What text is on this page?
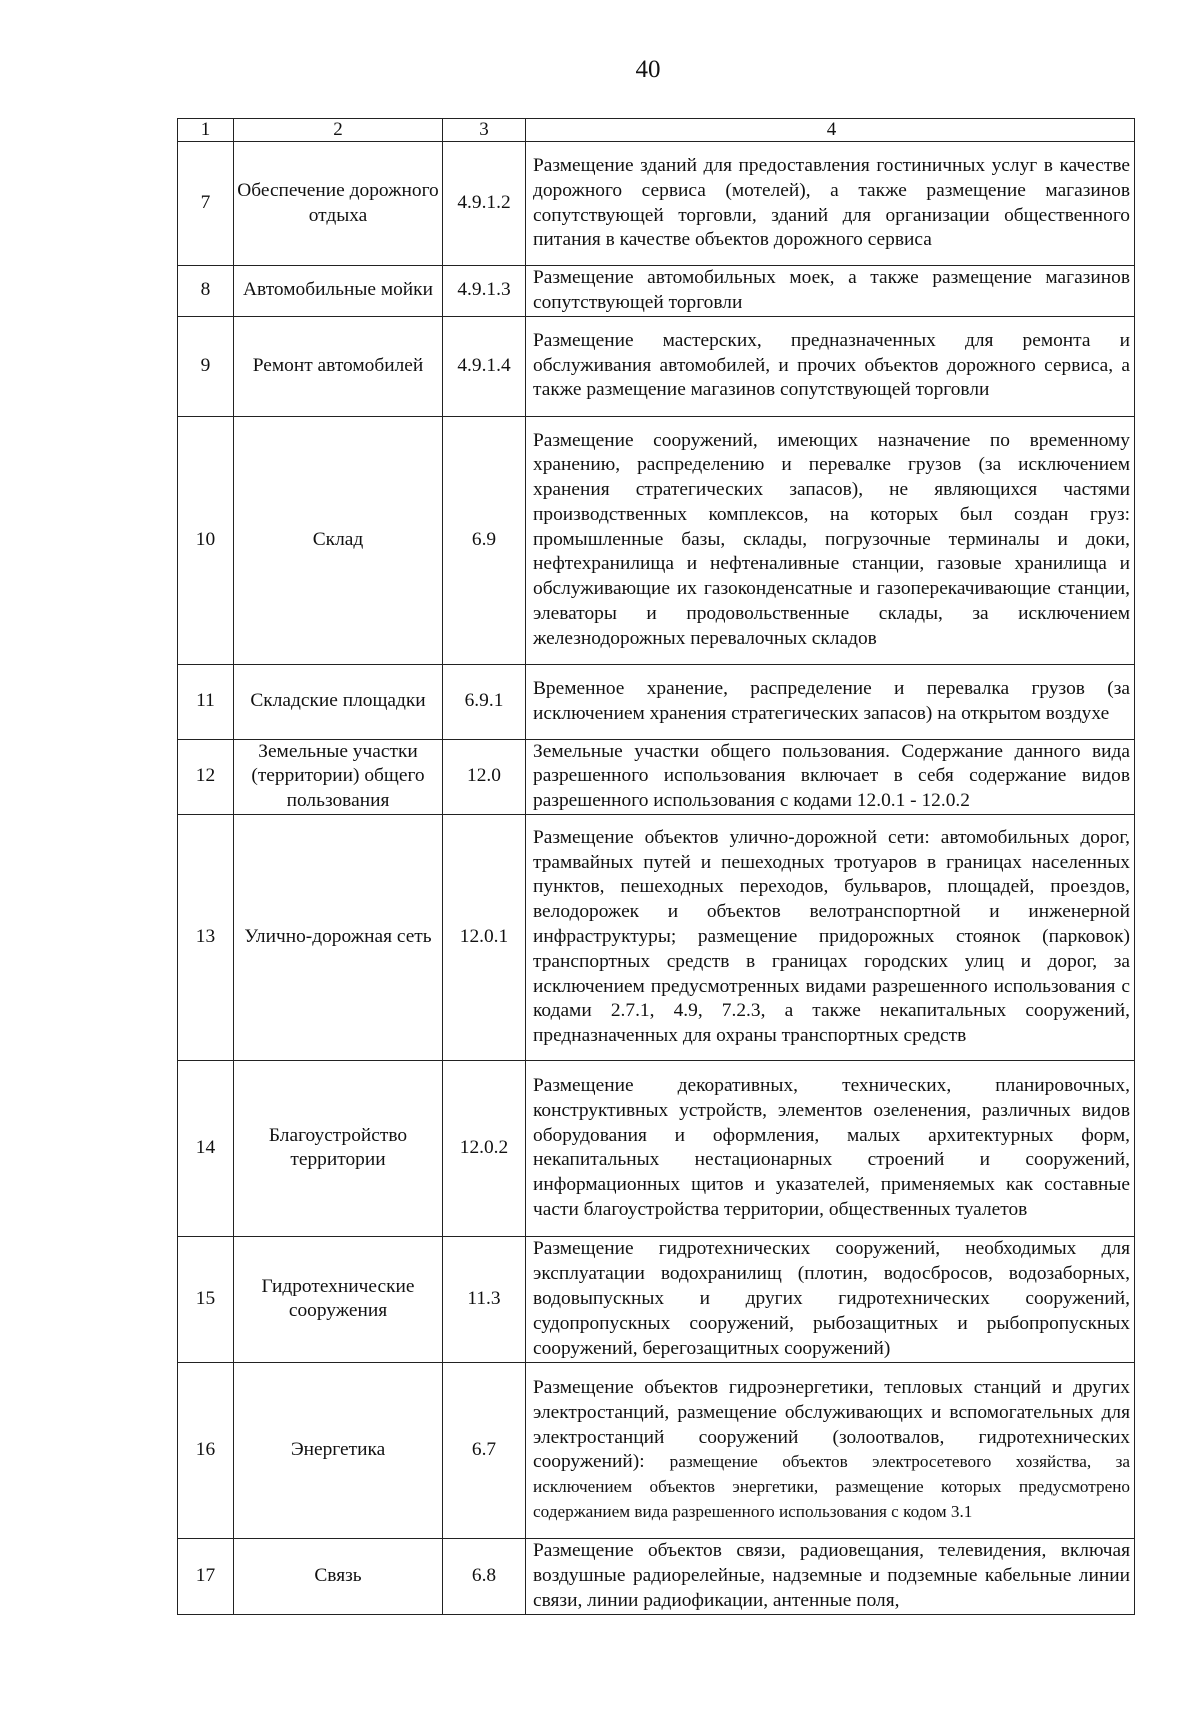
40
1	2	3	4
7	Обеспечение дорожного отдыха	4.9.1.2	Размещение зданий для предоставления гостиничных услуг в качестве дорожного сервиса (мотелей), а также размещение магазинов сопутствующей торговли, зданий для организации общественного питания в качестве объектов дорожного сервиса
8	Автомобильные мойки	4.9.1.3	Размещение автомобильных моек, а также размещение магазинов сопутствующей торговли
9	Ремонт автомобилей	4.9.1.4	Размещение мастерских, предназначенных для ремонта и обслуживания автомобилей, и прочих объектов дорожного сервиса, а также размещение магазинов сопутствующей торговли
10	Склад	6.9	Размещение сооружений, имеющих назначение по временному хранению, распределению и перевалке грузов (за исключением хранения стратегических запасов), не являющихся частями производственных комплексов, на которых был создан груз: промышленные базы, склады, погрузочные терминалы и доки, нефтехранилища и нефтеналивные станции, газовые хранилища и обслуживающие их газоконденсатные и газоперекачивающие станции, элеваторы и продовольственные склады, за исключением железнодорожных перевалочных складов
11	Складские площадки	6.9.1	Временное хранение, распределение и перевалка грузов (за исключением хранения стратегических запасов) на открытом воздухе
12	Земельные участки (территории) общего пользования	12.0	Земельные участки общего пользования. Содержание данного вида разрешенного использования включает в себя содержание видов разрешенного использования с кодами 12.0.1 - 12.0.2
13	Улично-дорожная сеть	12.0.1	Размещение объектов улично-дорожной сети: автомобильных дорог, трамвайных путей и пешеходных тротуаров в границах населенных пунктов, пешеходных переходов, бульваров, площадей, проездов, велодорожек и объектов велотранспортной и инженерной инфраструктуры; размещение придорожных стоянок (парковок) транспортных средств в границах городских улиц и дорог, за исключением предусмотренных видами разрешенного использования с кодами 2.7.1, 4.9, 7.2.3, а также некапитальных сооружений, предназначенных для охраны транспортных средств
14	Благоустройство территории	12.0.2	Размещение декоративных, технических, планировочных, конструктивных устройств, элементов озеленения, различных видов оборудования и оформления, малых архитектурных форм, некапитальных нестационарных строений и сооружений, информационных щитов и указателей, применяемых как составные части благоустройства территории, общественных туалетов
15	Гидротехнические сооружения	11.3	Размещение гидротехнических сооружений, необходимых для эксплуатации водохранилищ (плотин, водосбросов, водозаборных, водовыпускных и других гидротехнических сооружений, судопропускных сооружений, рыбозащитных и рыбопропускных сооружений, берегозащитных сооружений)
16	Энергетика	6.7	Размещение объектов гидроэнергетики, тепловых станций и других электростанций, размещение обслуживающих и вспомогательных для электростанций сооружений (золоотвалов, гидротехнических сооружений): размещение объектов электросетевого хозяйства, за исключением объектов энергетики, размещение которых предусмотрено содержанием вида разрешенного использования с кодом 3.1
17	Связь	6.8	Размещение объектов связи, радиовещания, телевидения, включая воздушные радиорелейные, надземные и подземные кабельные линии связи, линии радиофикации, антенные поля,
